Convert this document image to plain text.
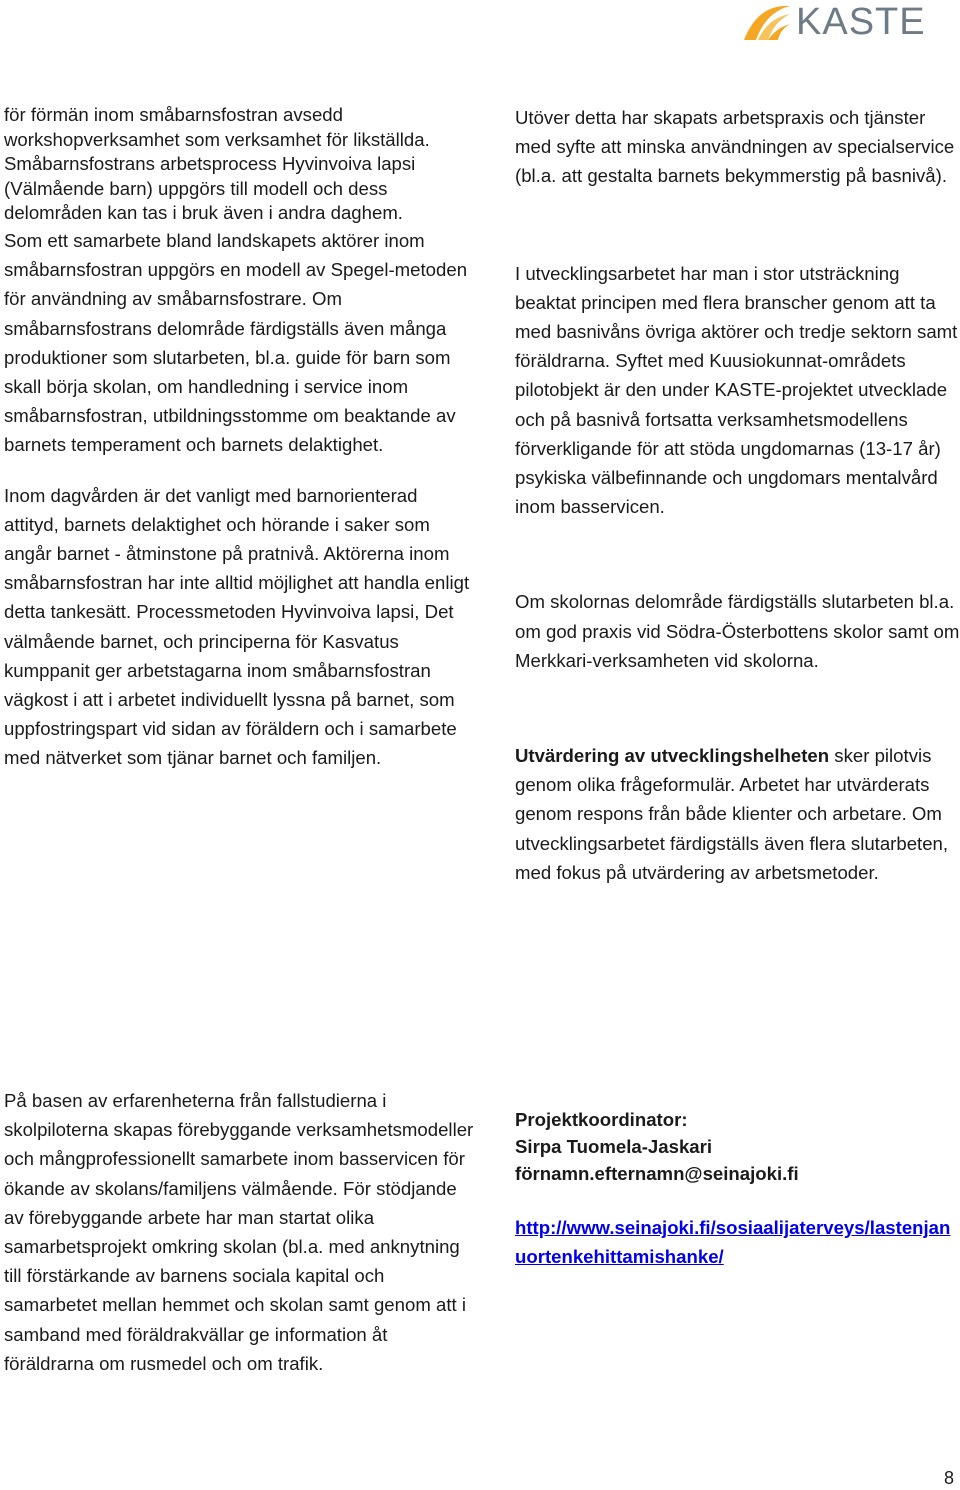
KASTE

för förmän inom småbarnsfostran avsedd workshopverksamhet som verksamhet för likställda. Småbarnsfostrans arbetsprocess Hyvinvoiva lapsi (Välmående barn) uppgörs till modell och dess delområden kan tas i bruk även i andra daghem.

Som ett samarbete bland landskapets aktörer inom småbarnsfostran uppgörs en modell av Spegel-metoden för användning av småbarnsfostrare. Om småbarnsfostrans delområde färdigställs även många produktioner som slutarbeten, bl.a. guide för barn som skall börja skolan, om handledning i service inom småbarnsfostran, utbildningsstomme om beaktande av barnets temperament och barnets delaktighet.

Inom dagvården är det vanligt med barnorienterad attityd, barnets delaktighet och hörande i saker som angår barnet - åtminstone på pratnivå. Aktörerna inom småbarnsfostran har inte alltid möjlighet att handla enligt detta tankesätt. Processmetoden Hyvinvoiva lapsi, Det välmående barnet, och principerna för Kasvatus kumppanit ger arbetstagarna inom småbarnsfostran vägkost i att i arbetet individuellt lyssna på barnet, som uppfostringspart vid sidan av föräldern och i samarbete med nätverket som tjänar barnet och familjen.

Utöver detta har skapats arbetspraxis och tjänster med syfte att minska användningen av specialservice (bl.a. att gestalta barnets bekymmerstig på basnivå).

I utvecklingsarbetet har man i stor utsträckning beaktat principen med flera branscher genom att ta med basnivåns övriga aktörer och tredje sektorn samt föräldrarna. Syftet med Kuusiokunnat-områdets pilotobjekt är den under KASTE-projektet utvecklade och på basnivå fortsatta verksamhetsmodellens förverkligande för att stöda ungdomarnas (13-17 år) psykiska välbefinnande och ungdomars mentalvård inom basservicen.

Om skolornas delområde färdigställs slutarbeten bl.a. om god praxis vid Södra-Österbottens skolor samt om Merkkari-verksamheten vid skolorna.

Utvärdering av utvecklingshelheten sker pilotvis genom olika frågeformulär. Arbetet har utvärderats genom respons från både klienter och arbetare. Om utvecklingsarbetet färdigställs även flera slutarbeten, med fokus på utvärdering av arbetsmetoder.

På basen av erfarenheterna från fallstudierna i skolpiloterna skapas förebyggande verksamhetsmodeller och mångprofessionellt samarbete inom basservicen för ökande av skolans/familjens välmående. För stödjande av förebyggande arbete har man startat olika samarbetsprojekt omkring skolan (bl.a. med anknytning till förstärkande av barnens sociala kapital och samarbetet mellan hemmet och skolan samt genom att i samband med föräldrakvällar ge information åt föräldrarna om rusmedel och om trafik.

Projektkoordinator:
Sirpa Tuomela-Jaskari
förnamn.efternamn@seinajoki.fi
http://www.seinajoki.fi/sosiaalijaterveys/lastenjanuortenkehittamishanke/
8
